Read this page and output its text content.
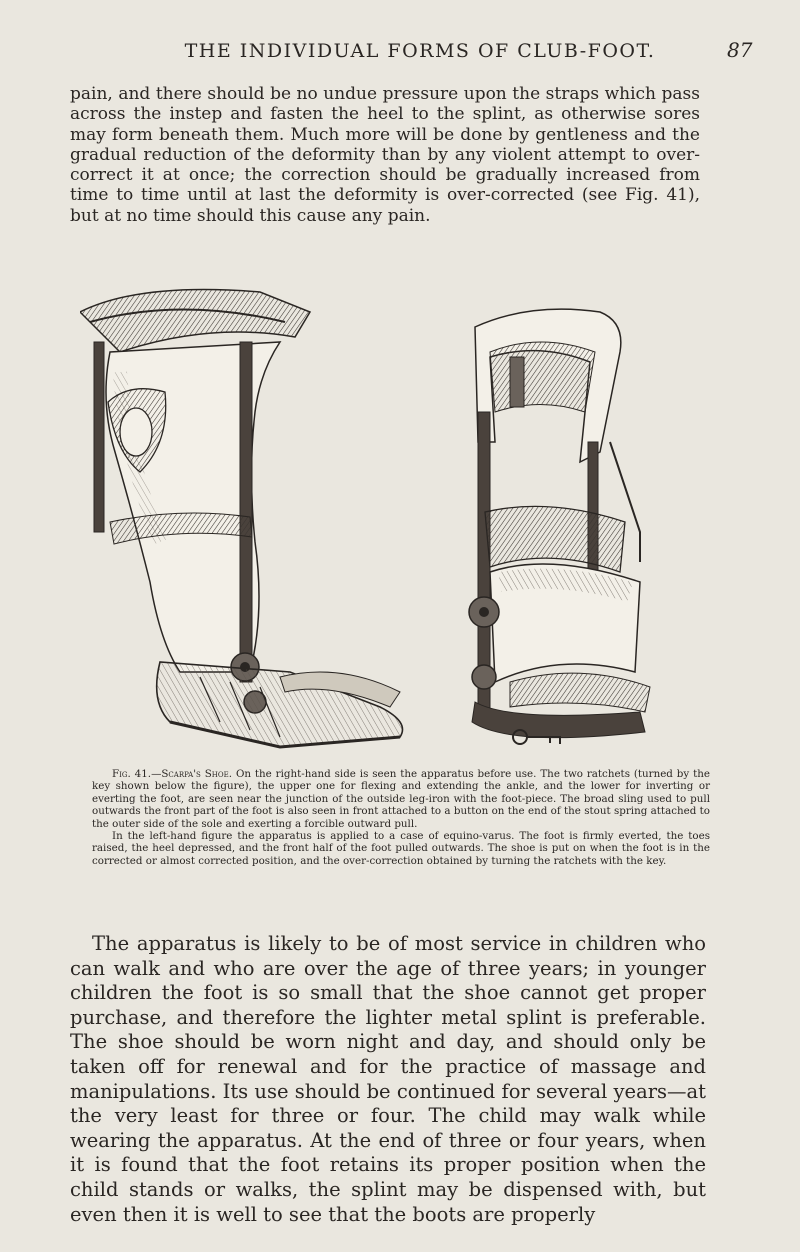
THE INDIVIDUAL FORMS OF CLUB-FOOT.	87

pain, and there should be no undue pressure upon the straps which pass across the instep and fasten the heel to the splint, as otherwise sores may form beneath them. Much more will be done by gentleness and the gradual reduction of the deformity than by any violent attempt to over-correct it at once; the correction should be gradually increased from time to time until at last the deformity is over-corrected (see Fig. 41), but at no time should this cause any pain.

Fig. 41.—Scarpa's Shoe. On the right-hand side is seen the apparatus before use. The two ratchets (turned by the key shown below the figure), the upper one for flexing and extending the ankle, and the lower for inverting or everting the foot, are seen near the junction of the outside leg-iron with the foot-piece. The broad sling used to pull outwards the front part of the foot is also seen in front attached to a button on the end of the stout spring attached to the outer side of the sole and exerting a forcible outward pull.

In the left-hand figure the apparatus is applied to a case of equino-varus. The foot is firmly everted, the toes raised, the heel depressed, and the front half of the foot pulled outwards. The shoe is put on when the foot is in the corrected or almost corrected position, and the over-correction obtained by turning the ratchets with the key.

The apparatus is likely to be of most service in children who can walk and who are over the age of three years; in younger children the foot is so small that the shoe cannot get proper purchase, and therefore the lighter metal splint is preferable. The shoe should be worn night and day, and should only be taken off for renewal and for the practice of massage and manipulations. Its use should be continued for several years—at the very least for three or four. The child may walk while wearing the apparatus. At the end of three or four years, when it is found that the foot retains its proper position when the child stands or walks, the splint may be dispensed with, but even then it is well to see that the boots are properly
